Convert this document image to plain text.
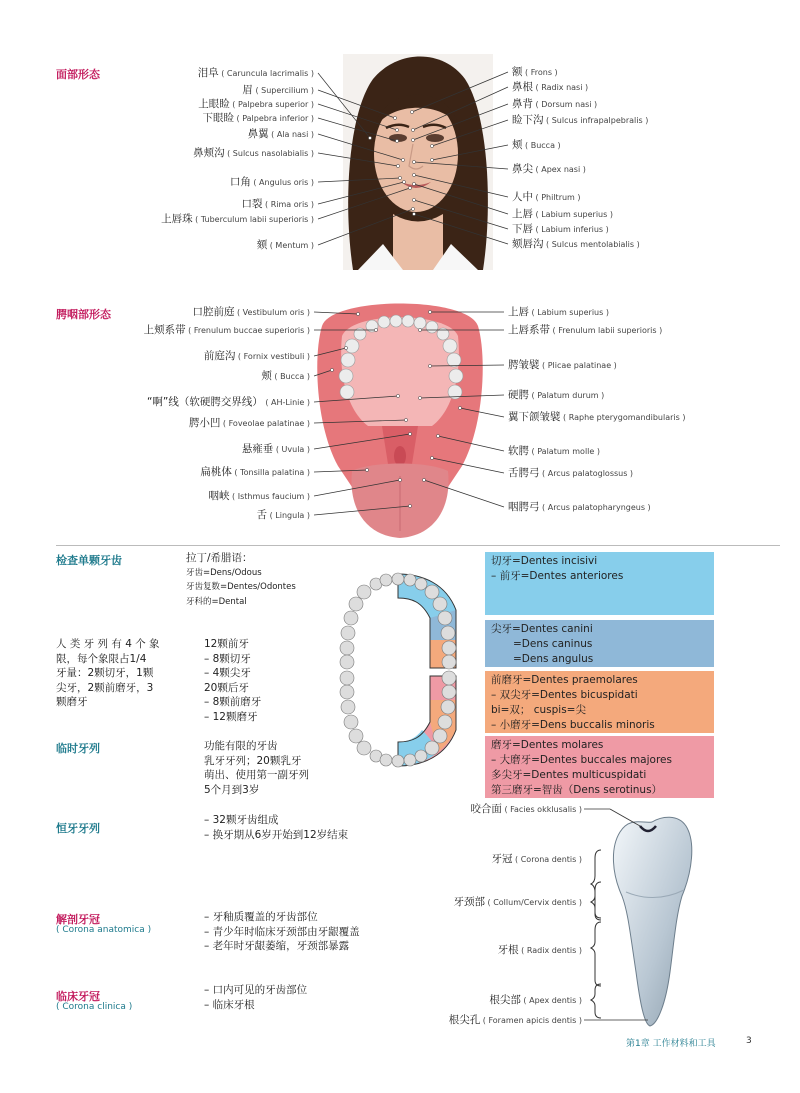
面部形态	泪阜 ( Caruncula lacrimalis )
眉 ( Supercilium )
上眼睑 ( Palpebra superior )
下眼睑 ( Palpebra inferior )
鼻翼 ( Ala nasi )
鼻颊沟 ( Sulcus nasolabialis )
口角 ( Angulus oris )
口裂 ( Rima oris )
上唇珠 ( Tuberculum labii superioris )
颏 ( Mentum )
额 ( Frons )
鼻根 ( Radix nasi )
鼻背 ( Dorsum nasi )
睑下沟 ( Sulcus infrapalpebralis )
颊 ( Bucca )
鼻尖 ( Apex nasi )
人中 ( Philtrum )
上唇 ( Labium superius )
下唇 ( Labium inferius )
颏唇沟 ( Sulcus mentolabialis )
腭咽部形态	口腔前庭 ( Vestibulum oris )
上颊系带 ( Frenulum buccae superioris )
前庭沟 ( Fornix vestibuli )
颊 ( Bucca )
“啊”线（软硬腭交界线） ( AH-Linie )
腭小凹 ( Foveolae palatinae )
悬雍垂 ( Uvula )
扁桃体 ( Tonsilla palatina )
咽峡 ( Isthmus faucium )
舌 ( Lingula )
上唇 ( Labium superius )
上唇系带 ( Frenulum labii superioris )
腭皱襞 ( Plicae palatinae )
硬腭 ( Palatum durum )
翼下颌皱襞 ( Raphe pterygomandibularis )
软腭 ( Palatum molle )
舌腭弓 ( Arcus palatoglossus )
咽腭弓 ( Arcus palatopharyngeus )
检查单颗牙齿	拉丁/希腊语：
牙齿=Dens/Odous
牙齿复数=Dentes/Odontes
牙科的=Dental
人 类 牙 列 有 4 个 象
限，每个象限占1/4
牙量：2颗切牙，1颗
尖牙，2颗前磨牙，3
颗磨牙
12颗前牙
– 8颗切牙
– 4颗尖牙
20颗后牙
– 8颗前磨牙
– 12颗磨牙
临时牙列	功能有限的牙齿
乳牙牙列；20颗乳牙
萌出、使用第一副牙列
5个月到3岁
恒牙牙列
– 32颗牙齿组成
– 换牙期从6岁开始到12岁结束
解剖牙冠
( Corona anatomica )
– 牙釉质覆盖的牙齿部位
– 青少年时临床牙颈部由牙龈覆盖
– 老年时牙龈萎缩，牙颈部暴露
临床牙冠
( Corona clinica )
– 口内可见的牙齿部位
– 临床牙根
切牙=Dentes incisivi
– 前牙=Dentes anteriores
尖牙=Dentes canini
=Dens caninus
=Dens angulus
前磨牙=Dentes praemolares
– 双尖牙=Dentes bicuspidati
bi=双； cuspis=尖
– 小磨牙=Dens buccalis minoris
磨牙=Dentes molares
– 大磨牙=Dentes buccales majores
多尖牙=Dentes multicuspidati
第三磨牙=智齿（Dens serotinus）
咬合面 ( Facies okklusalis )
牙冠 ( Corona dentis )
牙颈部 ( Collum/Cervix dentis )
牙根 ( Radix dentis )
根尖部 ( Apex dentis )
根尖孔 ( Foramen apicis dentis )
第1章 工作材料和工具	3
